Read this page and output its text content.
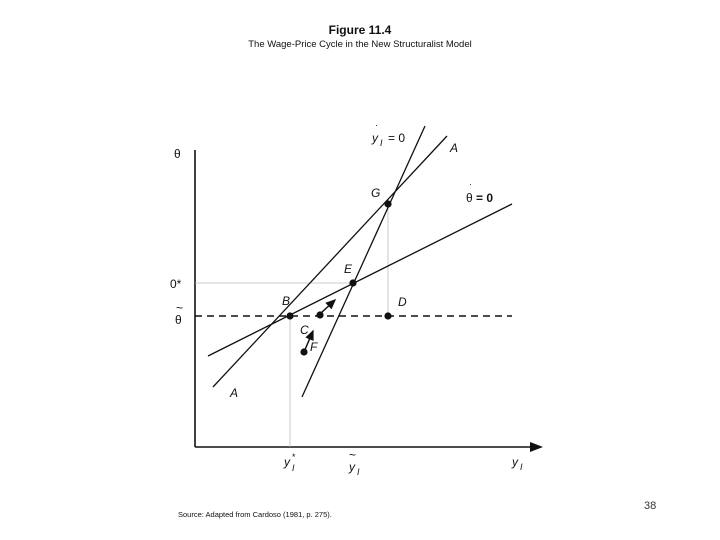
Figure 11.4
The Wage-Price Cycle in the New Structuralist Model
θ
y I
·
y I = 0
A
A
·
θ = 0
G
E
B
C
D
F
0*
~
θ
y *
I
~
y I
Source: Adapted from Cardoso (1981, p. 275).
38
